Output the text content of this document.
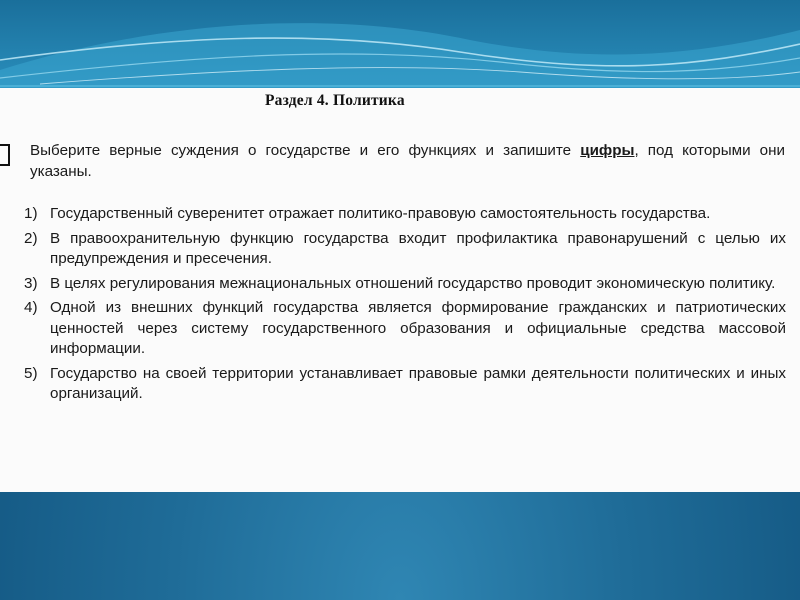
Раздел 4. Политика
Выберите верные суждения о государстве и его функциях и запишите цифры, под которыми они указаны.
1) Государственный суверенитет отражает политико-правовую самостоятельность государства.
2) В правоохранительную функцию государства входит профилактика правонарушений с целью их предупреждения и пресечения.
3) В целях регулирования межнациональных отношений государство проводит экономическую политику.
4) Одной из внешних функций государства является формирование гражданских и патриотических ценностей через систему государственного образования и официальные средства массовой информации.
5) Государство на своей территории устанавливает правовые рамки деятельности политических и иных организаций.
